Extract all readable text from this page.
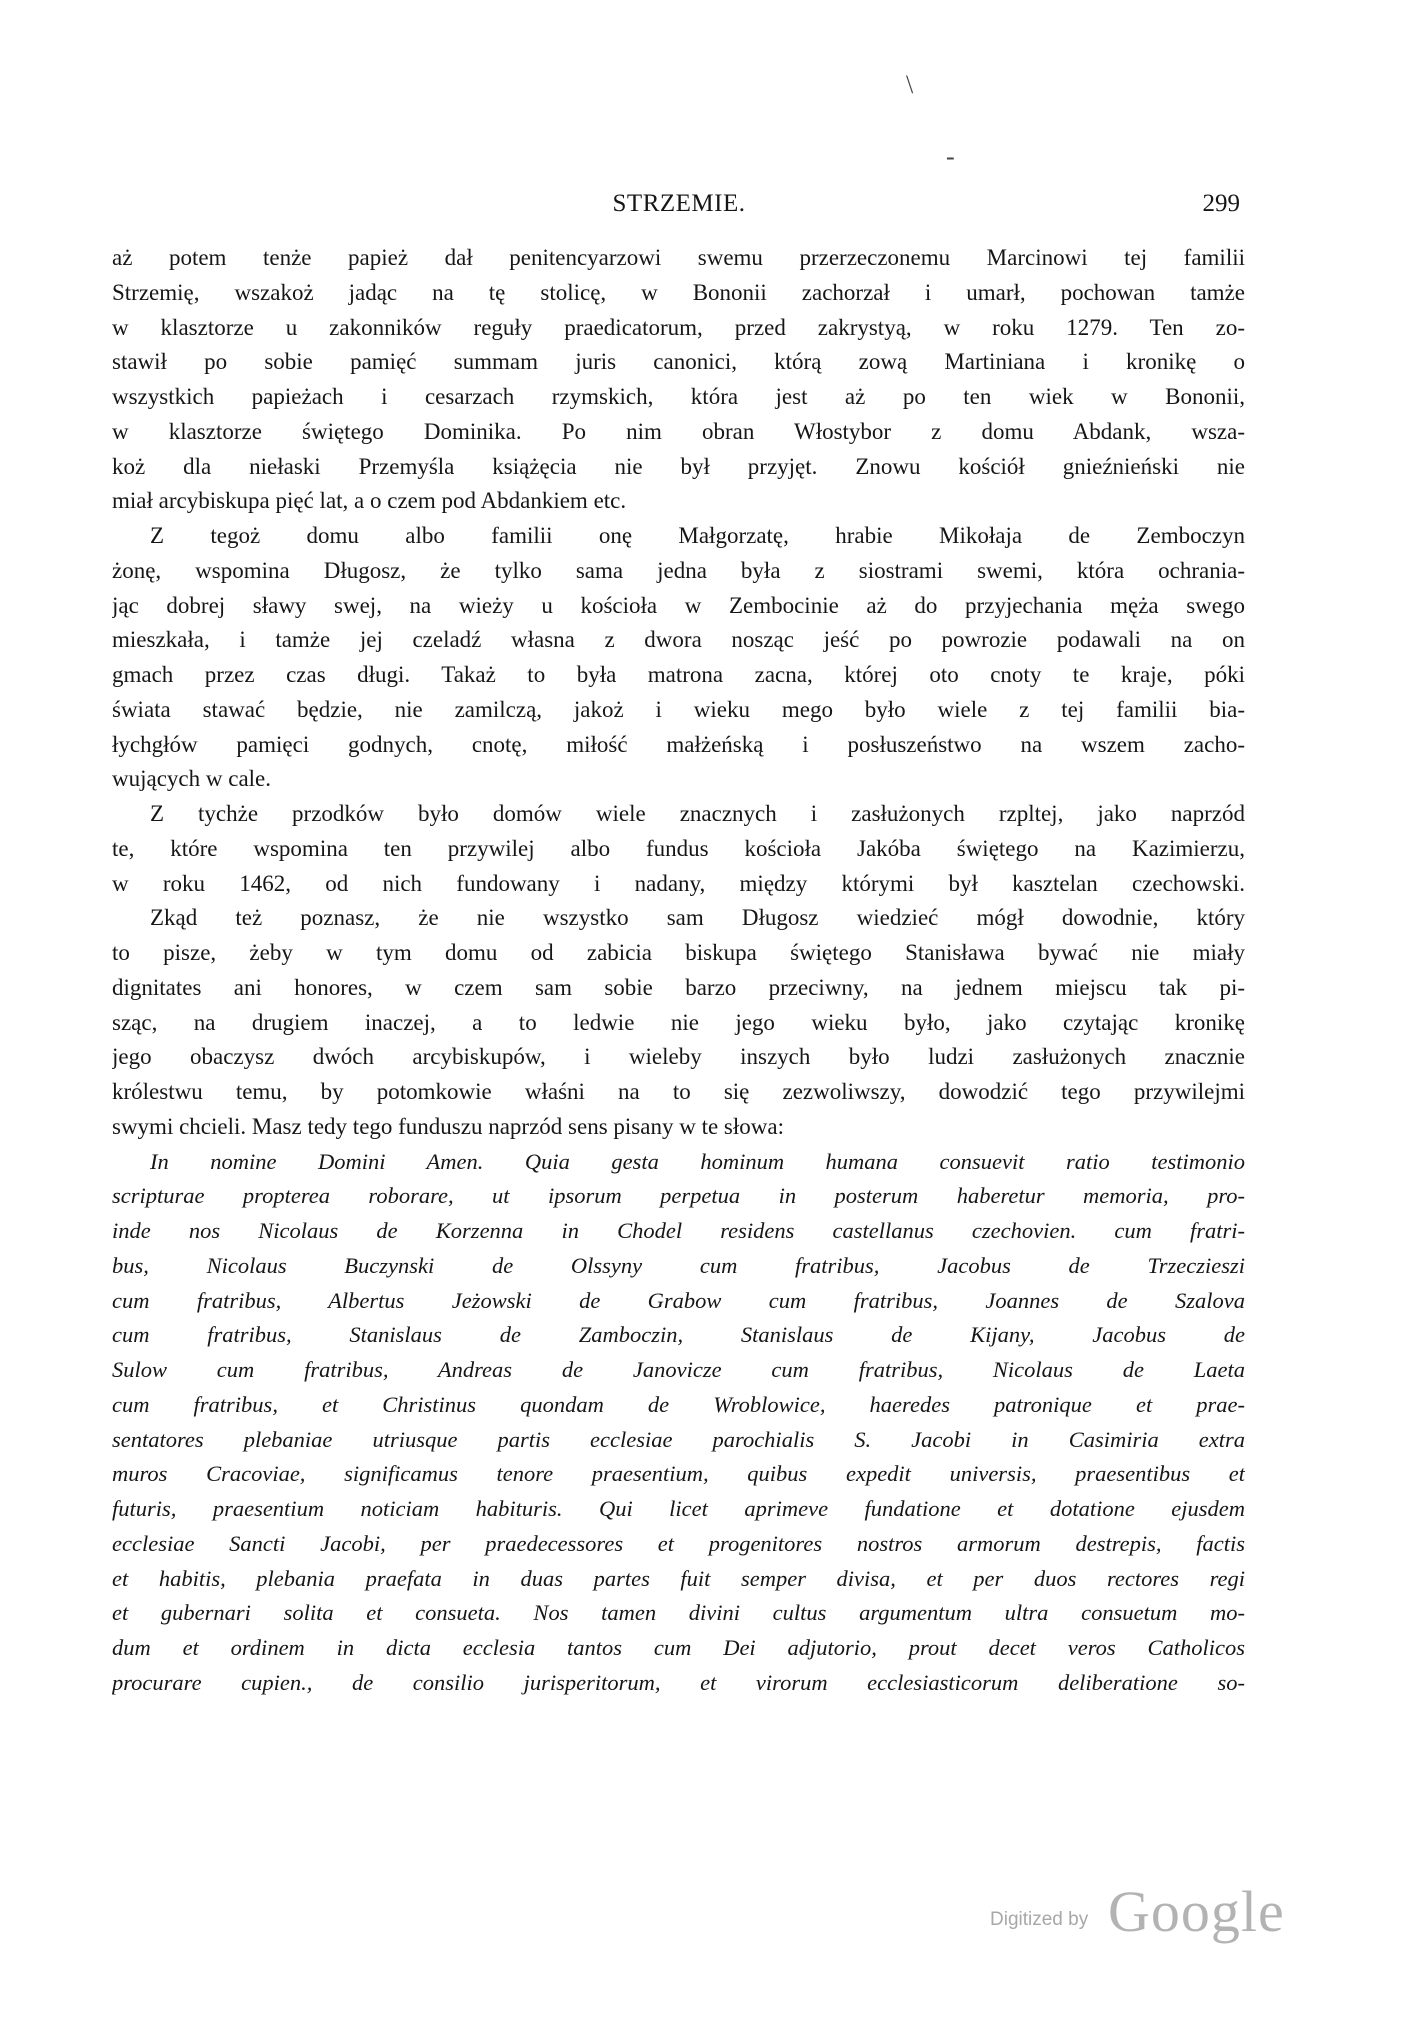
\
-
STRZEMIE.	299
aż potem tenże papież dał penitencyarzowi swemu przerzeczonemu Marcinowi tej familii
Strzemię, wszakoż jadąc na tę stolicę, w Bononii zachorzał i umarł, pochowan tamże
w klasztorze u zakonników reguły praedicatorum, przed zakrystyą, w roku 1279. Ten zo-
stawił po sobie pamięć summam juris canonici, którą zową Martiniana i kronikę o
wszystkich papieżach i cesarzach rzymskich, która jest aż po ten wiek w Bononii,
w klasztorze świętego Dominika. Po nim obran Włostybor z domu Abdank, wsza-
koż dla niełaski Przemyśla książęcia nie był przyjęt. Znowu kościół gnieźnieński nie
miał arcybiskupa pięć lat, a o czem pod Abdankiem etc.
Z tegoż domu albo familii onę Małgorzatę, hrabie Mikołaja de Zemboczyn
żonę, wspomina Długosz, że tylko sama jedna była z siostrami swemi, która ochrania-
jąc dobrej sławy swej, na wieży u kościoła w Zembocinie aż do przyjechania męża swego
mieszkała, i tamże jej czeladź własna z dwora nosząc jeść po powrozie podawali na on
gmach przez czas długi. Takaż to była matrona zacna, której oto cnoty te kraje, póki
świata stawać będzie, nie zamilczą, jakoż i wieku mego było wiele z tej familii bia-
łychgłów pamięci godnych, cnotę, miłość małżeńską i posłuszeństwo na wszem zacho-
wujących w cale.
Z tychże przodków było domów wiele znacznych i zasłużonych rzpltej, jako naprzód
te, które wspomina ten przywilej albo fundus kościoła Jakóba świętego na Kazimierzu,
w roku 1462, od nich fundowany i nadany, między którymi był kasztelan czechowski.
Zkąd też poznasz, że nie wszystko sam Długosz wiedzieć mógł dowodnie, który
to pisze, żeby w tym domu od zabicia biskupa świętego Stanisława bywać nie miały
dignitates ani honores, w czem sam sobie barzo przeciwny, na jednem miejscu tak pi-
sząc, na drugiem inaczej, a to ledwie nie jego wieku było, jako czytając kronikę
jego obaczysz dwóch arcybiskupów, i wieleby inszych było ludzi zasłużonych znacznie
królestwu temu, by potomkowie właśni na to się zezwoliwszy, dowodzić tego przywilejmi
swymi chcieli. Masz tedy tego funduszu naprzód sens pisany w te słowa:
In nomine Domini Amen. Quia gesta hominum humana consuevit ratio testimonio
scripturae propterea roborare, ut ipsorum perpetua in posterum haberetur memoria, pro-
inde nos Nicolaus de Korzenna in Chodel residens castellanus czechovien. cum fratri-
bus, Nicolaus Buczynski de Olssyny cum fratribus, Jacobus de Trzeczieszi
cum fratribus, Albertus Jeżowski de Grabow cum fratribus, Joannes de Szalova
cum fratribus, Stanislaus de Zamboczin, Stanislaus de Kijany, Jacobus de
Sulow cum fratribus, Andreas de Janovicze cum fratribus, Nicolaus de Laeta
cum fratribus, et Christinus quondam de Wroblowice, haeredes patronique et prae-
sentatores plebaniae utriusque partis ecclesiae parochialis S. Jacobi in Casimiria extra
muros Cracoviae, significamus tenore praesentium, quibus expedit universis, praesentibus et
futuris, praesentium noticiam habituris. Qui licet aprimeve fundatione et dotatione ejusdem
ecclesiae Sancti Jacobi, per praedecessores et progenitores nostros armorum destrepis, factis
et habitis, plebania praefata in duas partes fuit semper divisa, et per duos rectores regi
et gubernari solita et consueta. Nos tamen divini cultus argumentum ultra consuetum mo-
dum et ordinem in dicta ecclesia tantos cum Dei adjutorio, prout decet veros Catholicos
procurare cupien., de consilio jurisperitorum, et virorum ecclesiasticorum deliberatione so-
Digitized by Google
